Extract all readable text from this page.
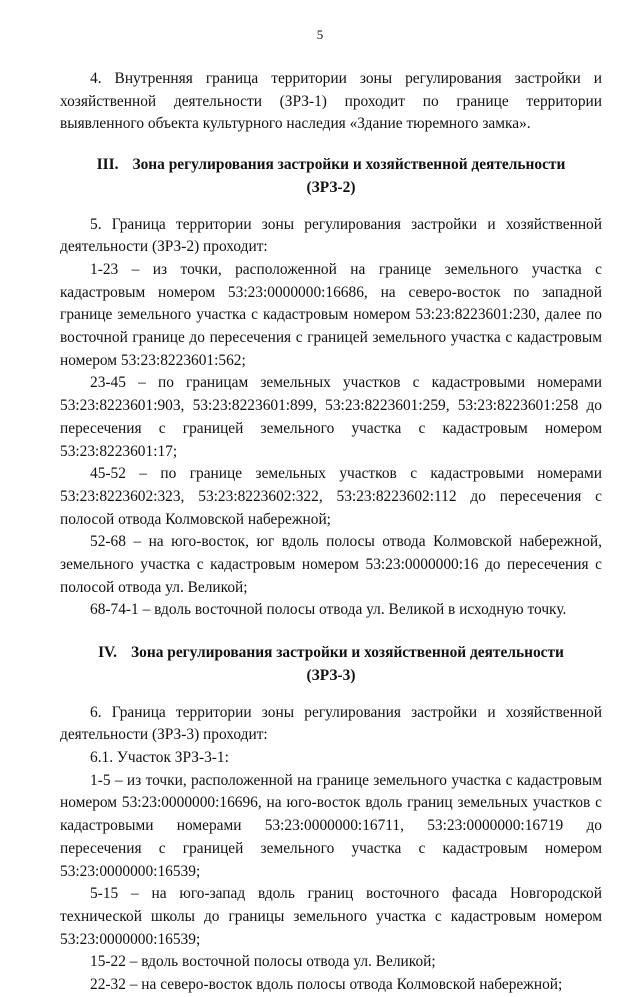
5

4. Внутренняя граница территории зоны регулирования застройки и хозяйственной деятельности (ЗРЗ-1) проходит по границе территории выявленного объекта культурного наследия «Здание тюремного замка».

III. Зона регулирования застройки и хозяйственной деятельности
(ЗРЗ-2)

5. Граница территории зоны регулирования застройки и хозяйственной деятельности (ЗРЗ-2) проходит:

1-23 – из точки, расположенной на границе земельного участка с кадастровым номером 53:23:0000000:16686, на северо-восток по западной границе земельного участка с кадастровым номером 53:23:8223601:230, далее по восточной границе до пересечения с границей земельного участка с кадастровым номером 53:23:8223601:562;

23-45 – по границам земельных участков с кадастровыми номерами 53:23:8223601:903, 53:23:8223601:899, 53:23:8223601:259, 53:23:8223601:258 до пересечения с границей земельного участка с кадастровым номером 53:23:8223601:17;

45-52 – по границе земельных участков с кадастровыми номерами 53:23:8223602:323, 53:23:8223602:322, 53:23:8223602:112 до пересечения с полосой отвода Колмовской набережной;

52-68 – на юго-восток, юг вдоль полосы отвода Колмовской набережной, земельного участка с кадастровым номером 53:23:0000000:16 до пересечения с полосой отвода ул. Великой;

68-74-1 – вдоль восточной полосы отвода ул. Великой в исходную точку.

IV. Зона регулирования застройки и хозяйственной деятельности
(ЗРЗ-3)

6. Граница территории зоны регулирования застройки и хозяйственной деятельности (ЗРЗ-3) проходит:

6.1. Участок ЗРЗ-3-1:

1-5 – из точки, расположенной на границе земельного участка с кадастровым номером 53:23:0000000:16696, на юго-восток вдоль границ земельных участков с кадастровыми номерами 53:23:0000000:16711, 53:23:0000000:16719 до пересечения с границей земельного участка с кадастровым номером 53:23:0000000:16539;

5-15 – на юго-запад вдоль границ восточного фасада Новгородской технической школы до границы земельного участка с кадастровым номером 53:23:0000000:16539;

15-22 – вдоль восточной полосы отвода ул. Великой;

22-32 – на северо-восток вдоль полосы отвода Колмовской набережной;
